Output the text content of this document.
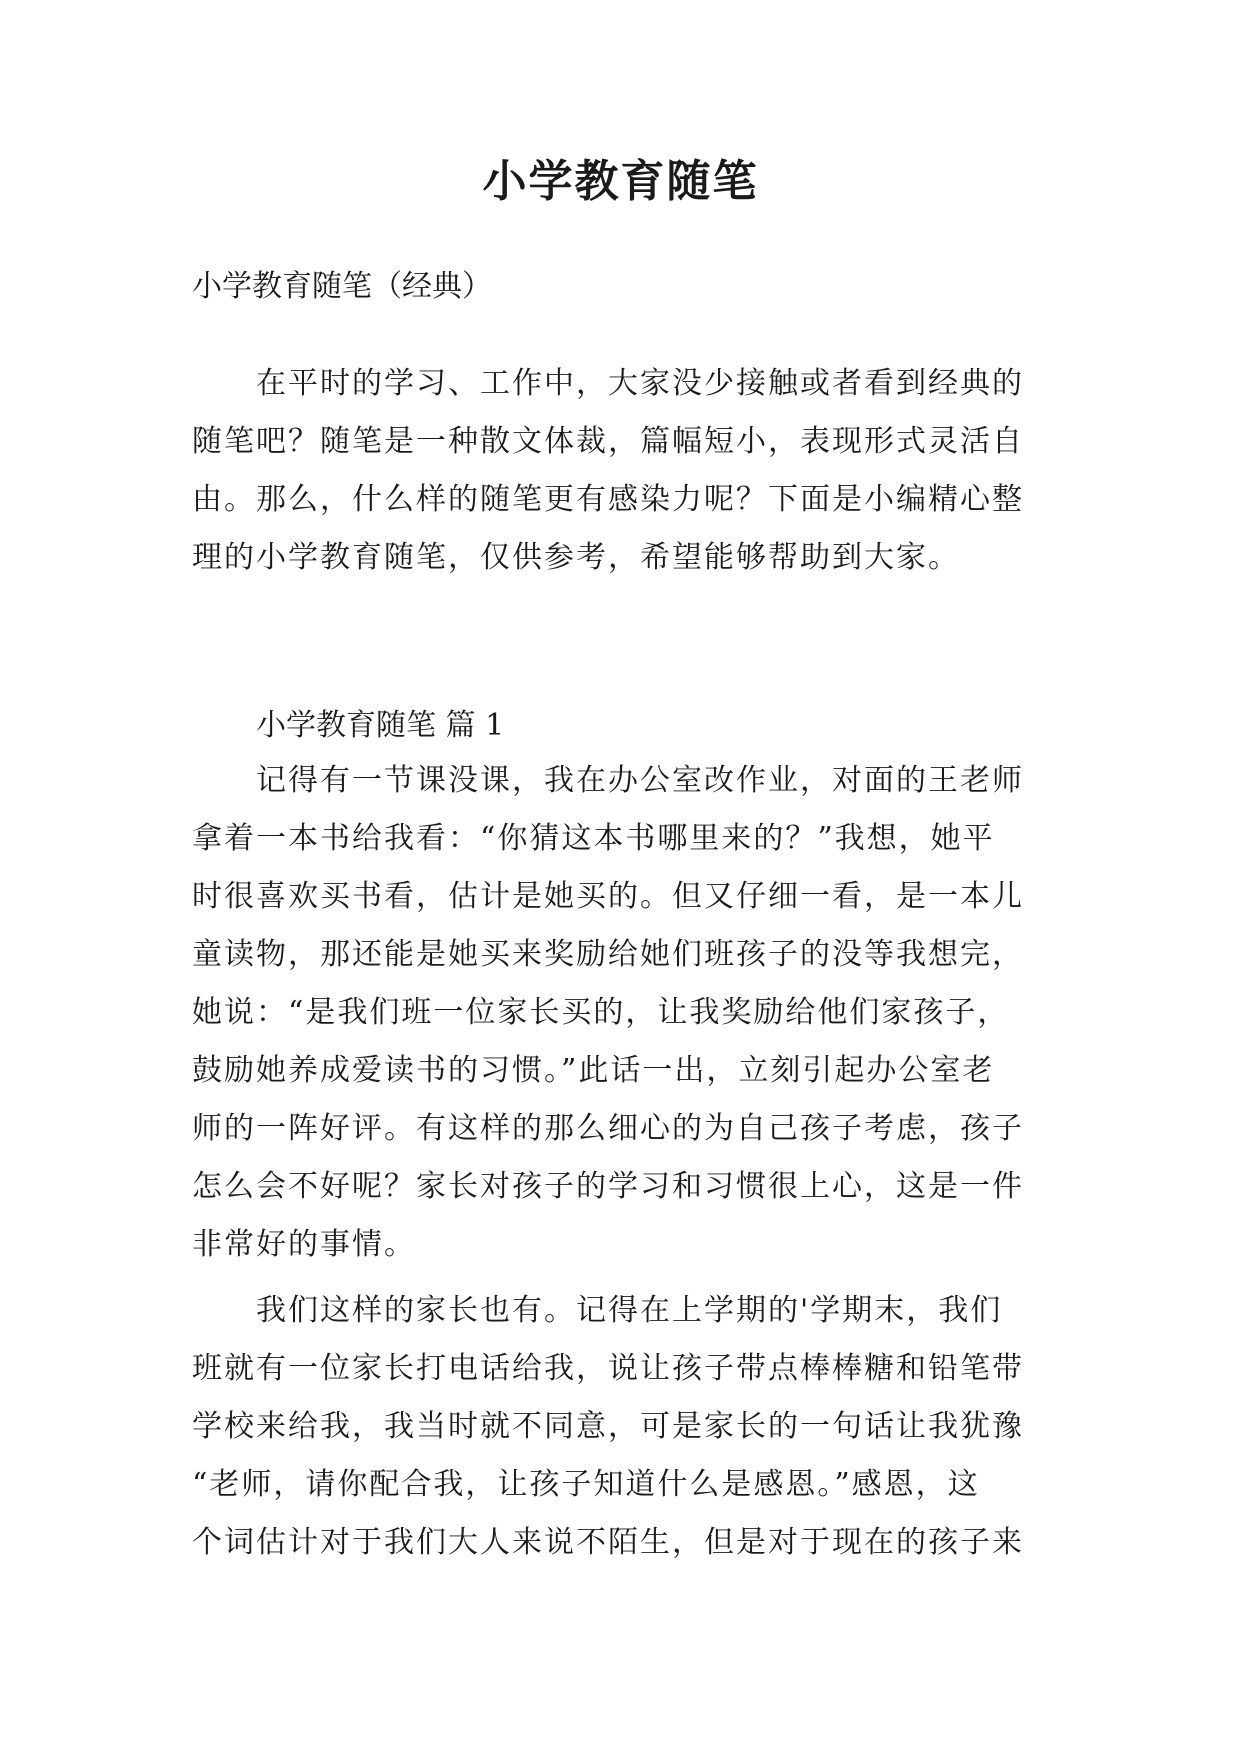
小学教育随笔

小学教育随笔（经典）

在平时的学习、工作中，大家没少接触或者看到经典的
随笔吧？随笔是一种散文体裁，篇幅短小，表现形式灵活自
由。那么，什么样的随笔更有感染力呢？下面是小编精心整
理的小学教育随笔，仅供参考，希望能够帮助到大家。

小学教育随笔 篇 1

记得有一节课没课，我在办公室改作业，对面的王老师
拿着一本书给我看：“你猜这本书哪里来的？”我想，她平
时很喜欢买书看，估计是她买的。但又仔细一看，是一本儿
童读物，那还能是她买来奖励给她们班孩子的没等我想完，
她说：“是我们班一位家长买的，让我奖励给他们家孩子，
鼓励她养成爱读书的习惯。”此话一出，立刻引起办公室老
师的一阵好评。有这样的那么细心的为自己孩子考虑，孩子
怎么会不好呢？家长对孩子的学习和习惯很上心，这是一件
非常好的事情。
我们这样的家长也有。记得在上学期的'学期末，我们
班就有一位家长打电话给我，说让孩子带点棒棒糖和铅笔带
学校来给我，我当时就不同意，可是家长的一句话让我犹豫
“老师，请你配合我，让孩子知道什么是感恩。”感恩，这
个词估计对于我们大人来说不陌生，但是对于现在的孩子来
